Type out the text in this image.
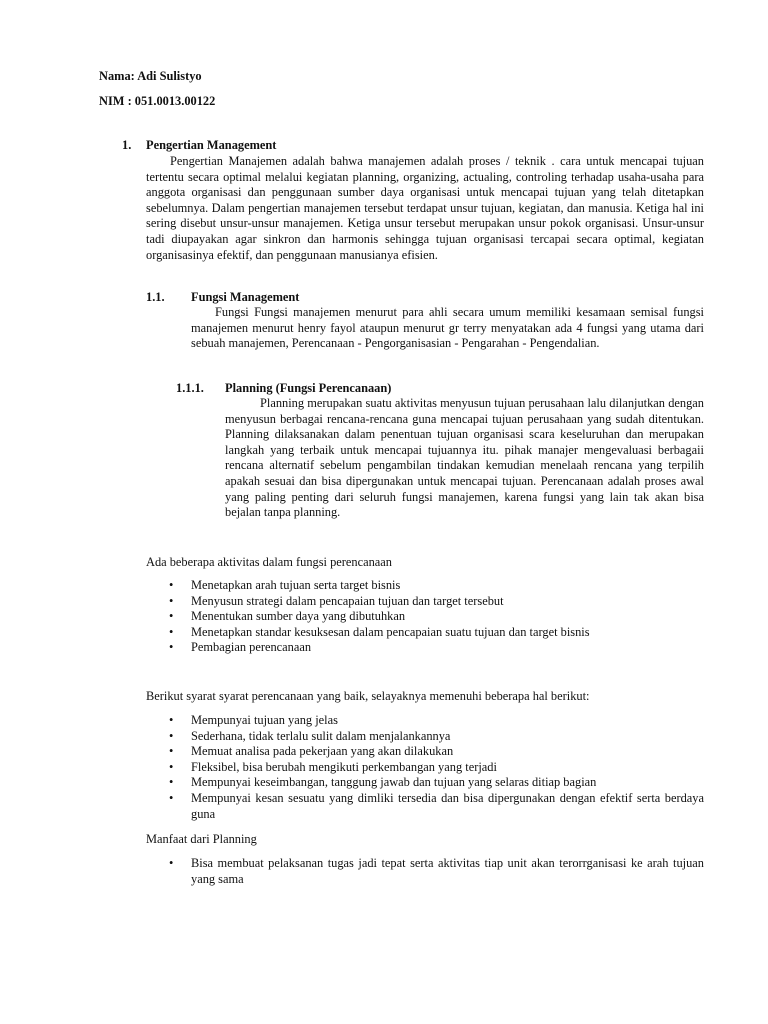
Nama: Adi Sulistyo
NIM : 051.0013.00122
1. Pengertian Management
Pengertian Manajemen adalah bahwa manajemen adalah proses / teknik . cara untuk mencapai tujuan tertentu secara optimal melalui kegiatan planning, organizing, actualing, controling terhadap usaha-usaha para anggota organisasi dan penggunaan sumber daya organisasi untuk mencapai tujuan yang telah ditetapkan sebelumnya. Dalam pengertian manajemen tersebut terdapat unsur tujuan, kegiatan, dan manusia. Ketiga hal ini sering disebut unsur-unsur manajemen. Ketiga unsur tersebut merupakan unsur pokok organisasi. Unsur-unsur tadi diupayakan agar sinkron dan harmonis sehingga tujuan organisasi tercapai secara optimal, kegiatan organisasinya efektif, dan penggunaan manusianya efisien.
1.1. Fungsi Management
Fungsi Fungsi manajemen menurut para ahli secara umum memiliki kesamaan semisal fungsi manajemen menurut henry fayol ataupun menurut gr terry menyatakan ada 4 fungsi yang utama dari sebuah manajemen, Perencanaan - Pengorganisasian - Pengarahan - Pengendalian.
1.1.1. Planning (Fungsi Perencanaan)
Planning merupakan suatu aktivitas menyusun tujuan perusahaan lalu dilanjutkan dengan menyusun berbagai rencana-rencana guna mencapai tujuan perusahaan yang sudah ditentukan. Planning dilaksanakan dalam penentuan tujuan organisasi scara keseluruhan dan merupakan langkah yang terbaik untuk mencapai tujuannya itu. pihak manajer mengevaluasi berbagaii rencana alternatif sebelum pengambilan tindakan kemudian menelaah rencana yang terpilih apakah sesuai dan bisa dipergunakan untuk mencapai tujuan. Perencanaan adalah proses awal yang paling penting dari seluruh fungsi manajemen, karena fungsi yang lain tak akan bisa bejalan tanpa planning.
Ada beberapa aktivitas dalam fungsi perencanaan
• Menetapkan arah tujuan serta target bisnis
• Menyusun strategi dalam pencapaian tujuan dan target tersebut
• Menentukan sumber daya yang dibutuhkan
• Menetapkan standar kesuksesan dalam pencapaian suatu tujuan dan target bisnis
• Pembagian perencanaan
Berikut syarat syarat perencanaan yang baik, selayaknya memenuhi beberapa hal berikut:
• Mempunyai tujuan yang jelas
• Sederhana, tidak terlalu sulit dalam menjalankannya
• Memuat analisa pada pekerjaan yang akan dilakukan
• Fleksibel, bisa berubah mengikuti perkembangan yang terjadi
• Mempunyai keseimbangan, tanggung jawab dan tujuan yang selaras ditiap bagian
• Mempunyai kesan sesuatu yang dimliki tersedia dan bisa dipergunakan dengan efektif serta berdaya guna
Manfaat dari Planning
• Bisa membuat pelaksanan tugas jadi tepat serta aktivitas tiap unit akan terorrganisasi ke arah tujuan yang sama
